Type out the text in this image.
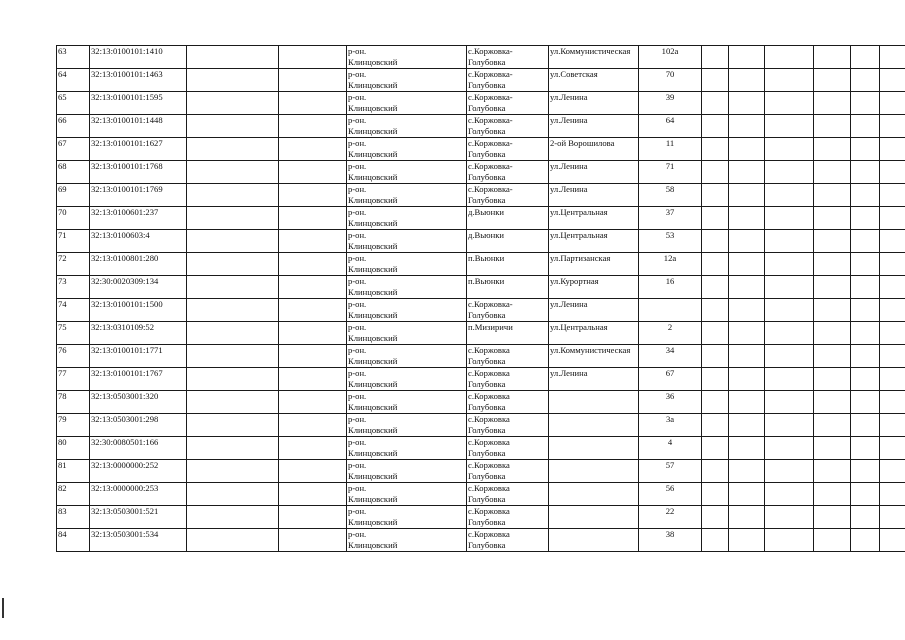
63	32:13:0100101:1410			р-он.
Клинцовский	с.Коржовка-
Голубовка	ул.Коммунистическая	102а						
64	32:13:0100101:1463			р-он.
Клинцовский	с.Коржовка-
Голубовка	ул.Советская	70						
65	32:13:0100101:1595			р-он.
Клинцовский	с.Коржовка-
Голубовка	ул.Ленина	39						
66	32:13:0100101:1448			р-он.
Клинцовский	с.Коржовка-
Голубовка	ул.Ленина	64						
67	32:13:0100101:1627			р-он.
Клинцовский	с.Коржовка-
Голубовка	2-ой Ворошилова	11						
68	32:13:0100101:1768			р-он.
Клинцовский	с.Коржовка-
Голубовка	ул.Ленина	71						
69	32:13:0100101:1769			р-он.
Клинцовский	с.Коржовка-
Голубовка	ул.Ленина	58						
70	32:13:0100601:237			р-он.
Клинцовский	д.Вьюнки	ул.Центральная	37						
71	32:13:0100603:4			р-он.
Клинцовский	д.Вьюнки	ул.Центральная	53						
72	32:13:0100801:280			р-он.
Клинцовский	п.Вьюнки	ул.Партизанская	12а						
73	32:30:0020309:134			р-он.
Клинцовский	п.Вьюнки	ул.Курортная	16						
74	32:13:0100101:1500			р-он.
Клинцовский	с.Коржовка-
Голубовка	ул.Ленина							
75	32:13:0310109:52			р-он.
Клинцовский	п.Мизиричи	ул.Центральная	2						
76	32:13:0100101:1771			р-он.
Клинцовский	с.Коржовка
Голубовка	ул.Коммунистическая	34						
77	32:13:0100101:1767			р-он.
Клинцовский	с.Коржовка
Голубовка	ул.Ленина	67						
78	32:13:0503001:320			р-он.
Клинцовский	с.Коржовка
Голубовка		36						
79	32:13:0503001:298			р-он.
Клинцовский	с.Коржовка
Голубовка		3а						
80	32:30:0080501:166			р-он.
Клинцовский	с.Коржовка
Голубовка		4						
81	32:13:0000000:252			р-он.
Клинцовский	с.Коржовка
Голубовка		57						
82	32:13:0000000:253			р-он.
Клинцовский	с.Коржовка
Голубовка		56						
83	32:13:0503001:521			р-он.
Клинцовский	с.Коржовка
Голубовка		22						
84	32:13:0503001:534			р-он.
Клинцовский	с.Коржовка
Голубовка		38						
